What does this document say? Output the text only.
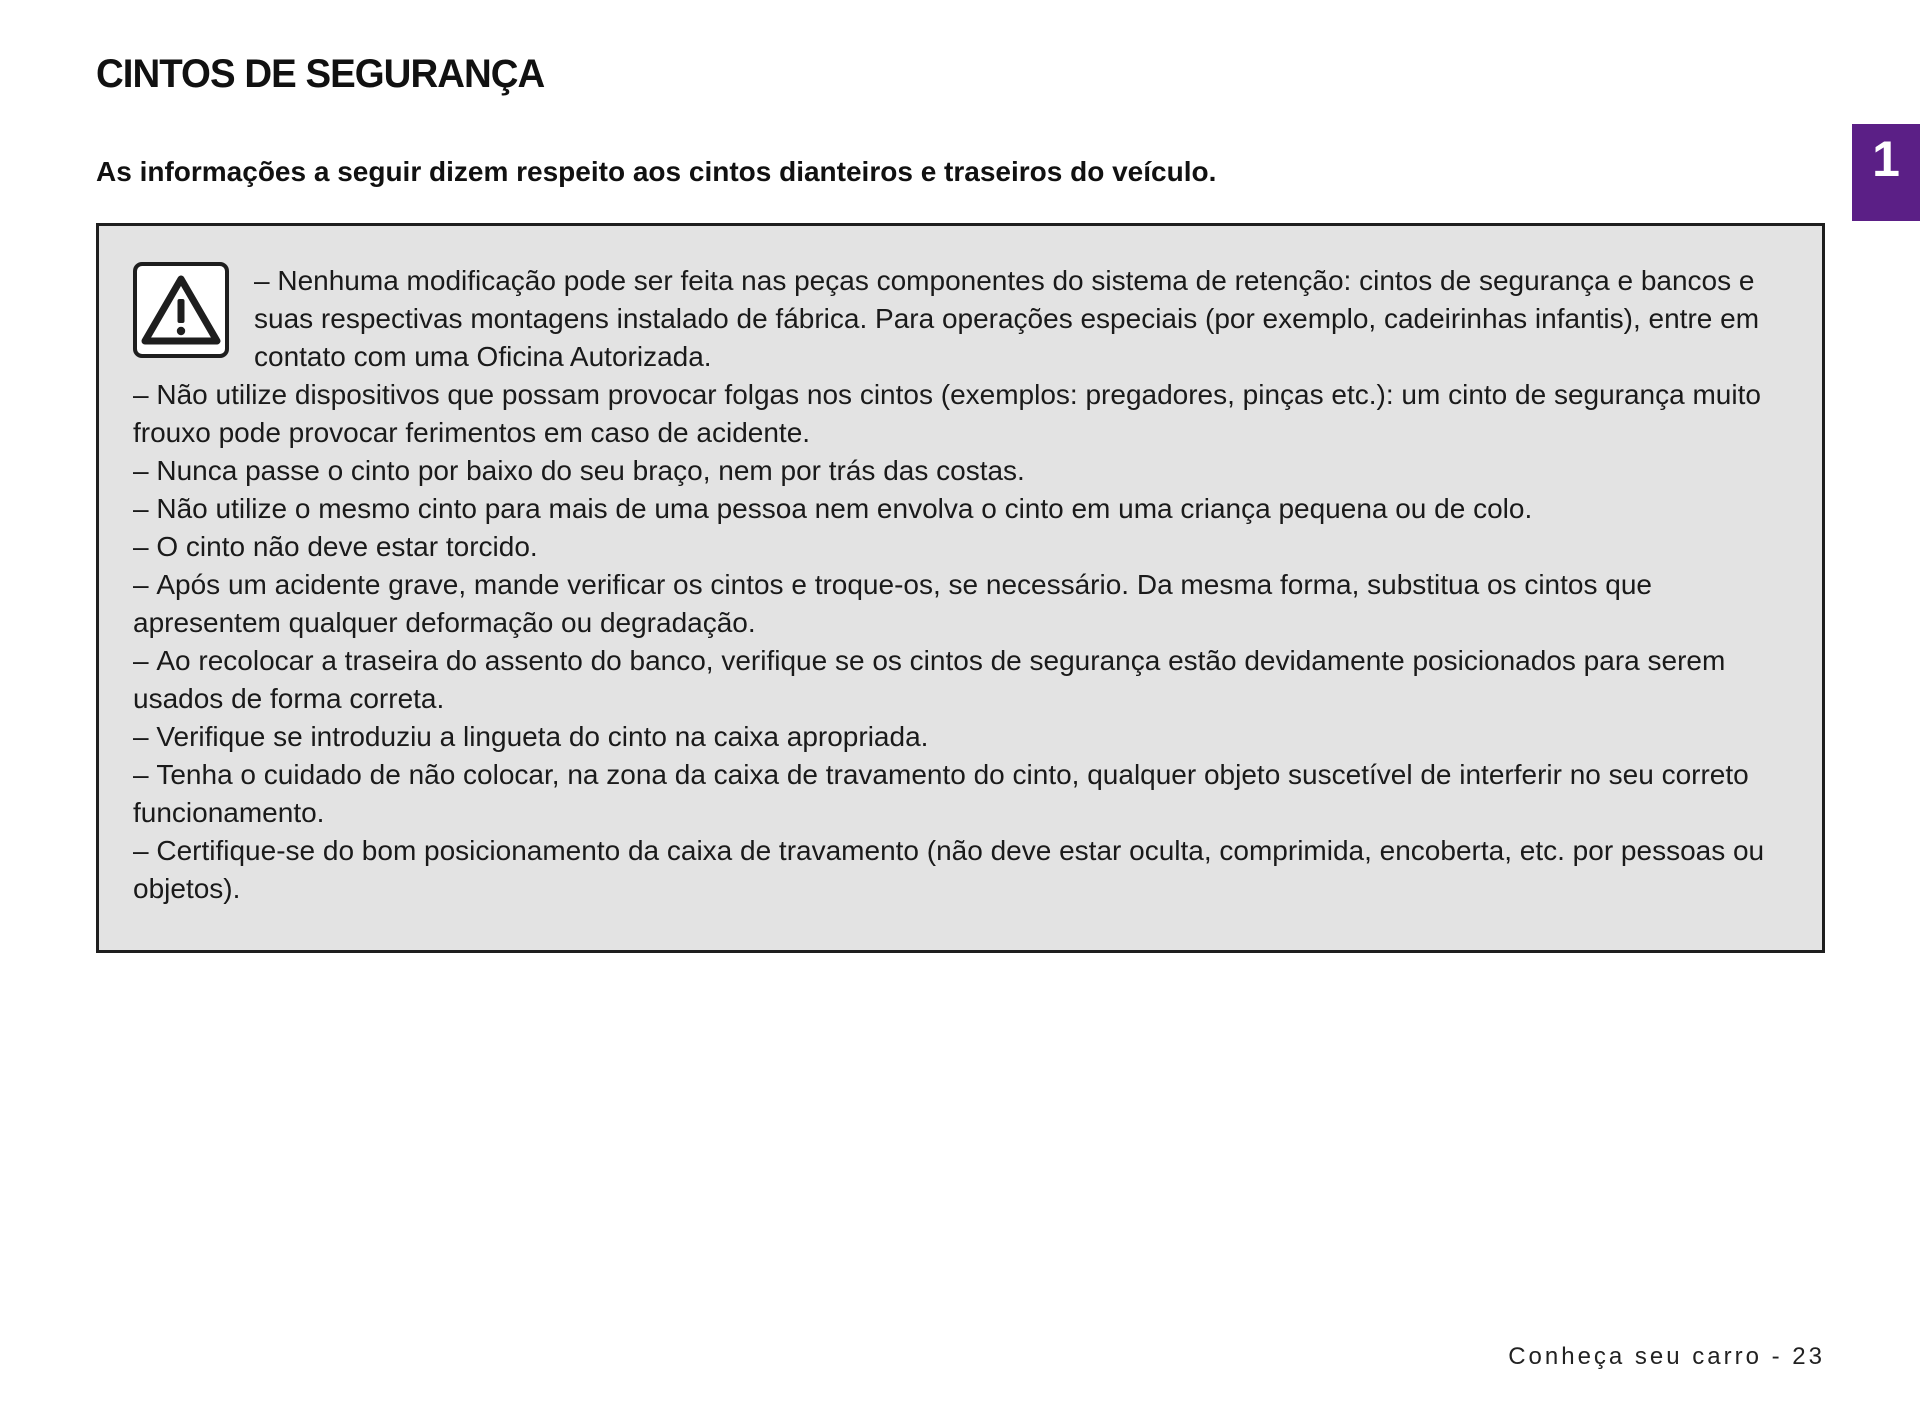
CINTOS DE SEGURANÇA
1

As informações a seguir dizem respeito aos cintos dianteiros e traseiros do veículo.

– Nenhuma modificação pode ser feita nas peças componentes do sistema de retenção: cintos de segurança e bancos e suas respectivas montagens instalado de fábrica. Para operações especiais (por exemplo, cadeirinhas infantis), entre em contato com uma Oficina Autorizada.
– Não utilize dispositivos que possam provocar folgas nos cintos (exemplos: pregadores, pinças etc.): um cinto de segurança muito frouxo pode provocar ferimentos em caso de acidente.
– Nunca passe o cinto por baixo do seu braço, nem por trás das costas.
– Não utilize o mesmo cinto para mais de uma pessoa nem envolva o cinto em uma criança pequena ou de colo.
– O cinto não deve estar torcido.
– Após um acidente grave, mande verificar os cintos e troque-os, se necessário. Da mesma forma, substitua os cintos que apresentem qualquer deformação ou degradação.
– Ao recolocar a traseira do assento do banco, verifique se os cintos de segurança estão devidamente posicionados para serem usados de forma correta.
– Verifique se introduziu a lingueta do cinto na caixa apropriada.
– Tenha o cuidado de não colocar, na zona da caixa de travamento do cinto, qualquer objeto suscetível de interferir no seu correto funcionamento.
– Certifique-se do bom posicionamento da caixa de travamento (não deve estar oculta, comprimida, encoberta, etc. por pessoas ou objetos).
Conheça seu carro - 23
